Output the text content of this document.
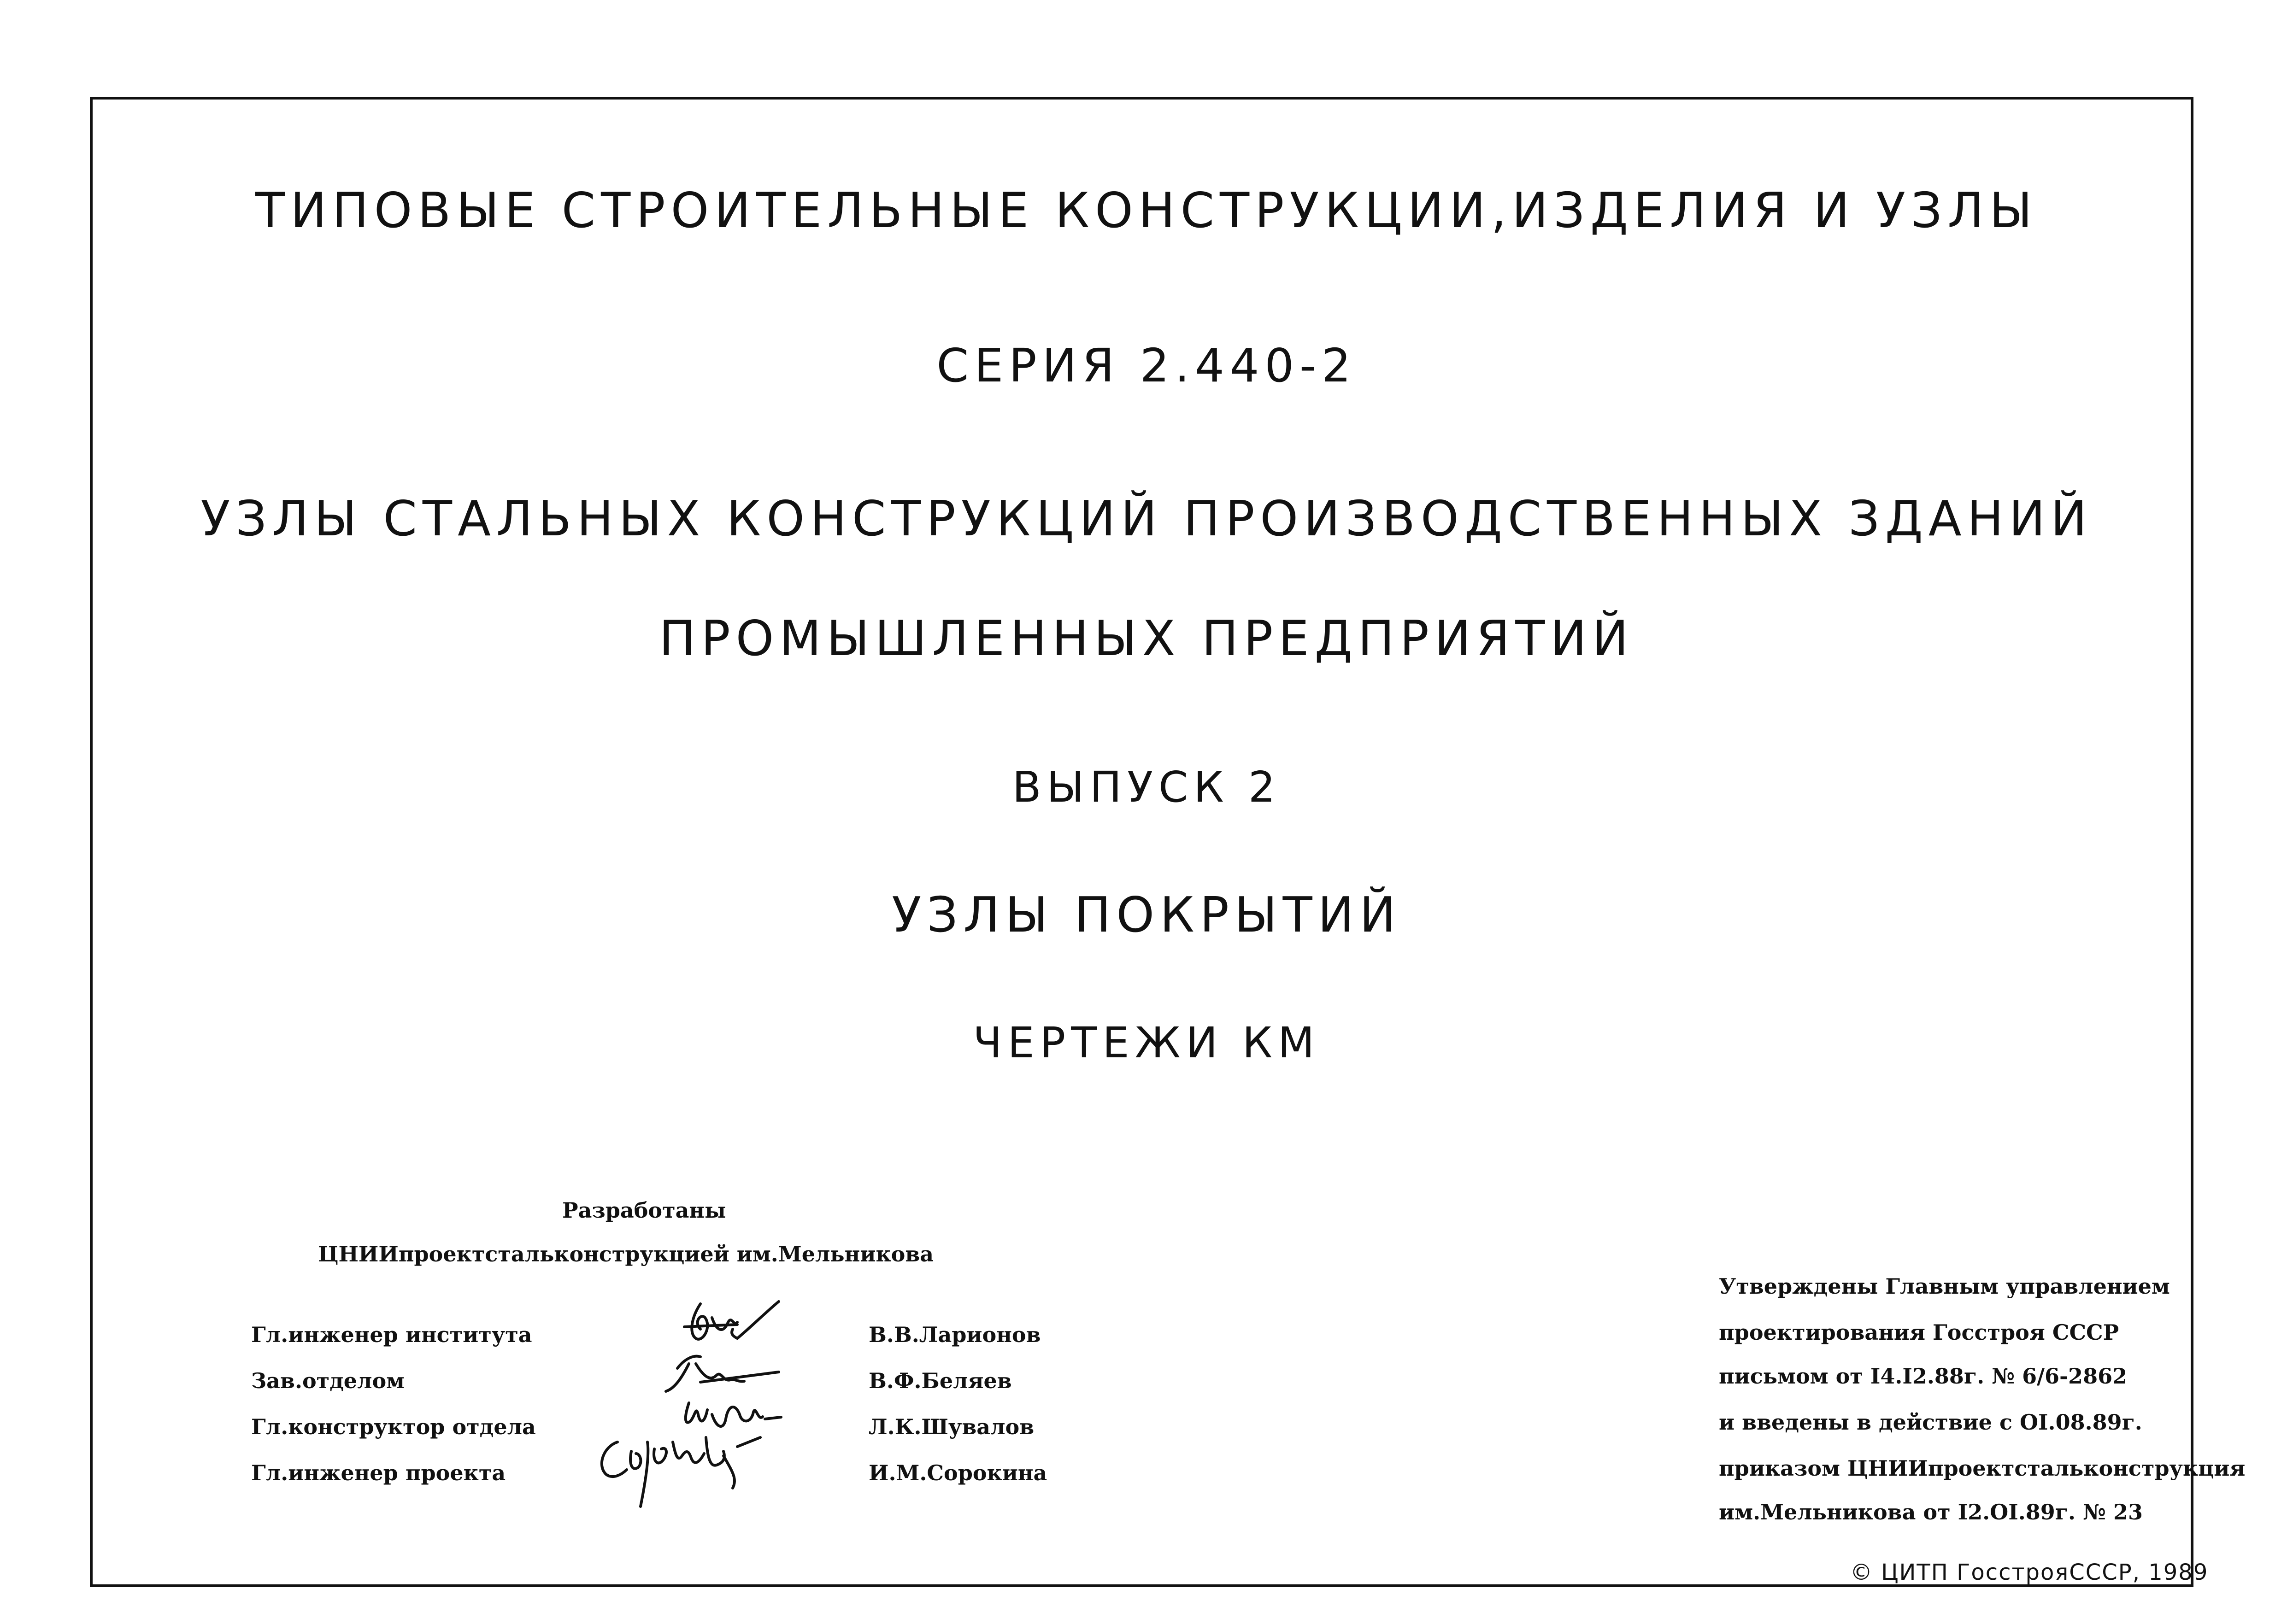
ТИПОВЫЕ СТРОИТЕЛЬНЫЕ КОНСТРУКЦИИ,ИЗДЕЛИЯ И УЗЛЫ
СЕРИЯ 2.440-2
УЗЛЫ СТАЛЬНЫХ КОНСТРУКЦИЙ ПРОИЗВОДСТВЕННЫХ ЗДАНИЙ
ПРОМЫШЛЕННЫХ ПРЕДПРИЯТИЙ
ВЫПУСК 2
УЗЛЫ ПОКРЫТИЙ
ЧЕРТЕЖИ КМ
Разработаны
ЦНИИпроектстальконструкцией им.Мельникова
Гл.инженер института	В.В.Ларионов
Зав.отделом	В.Ф.Беляев
Гл.конструктор отдела	Л.К.Шувалов
Гл.инженер проекта	И.М.Сорокина
Утверждены Главным управлением
проектирования Госстроя СССР
письмом от I4.I2.88г. № 6/6-2862
и введены в действие с OI.08.89г.
приказом ЦНИИпроектстальконструкция
им.Мельникова от I2.OI.89г. № 23
© ЦИТП ГосстрояСССР, 1989
